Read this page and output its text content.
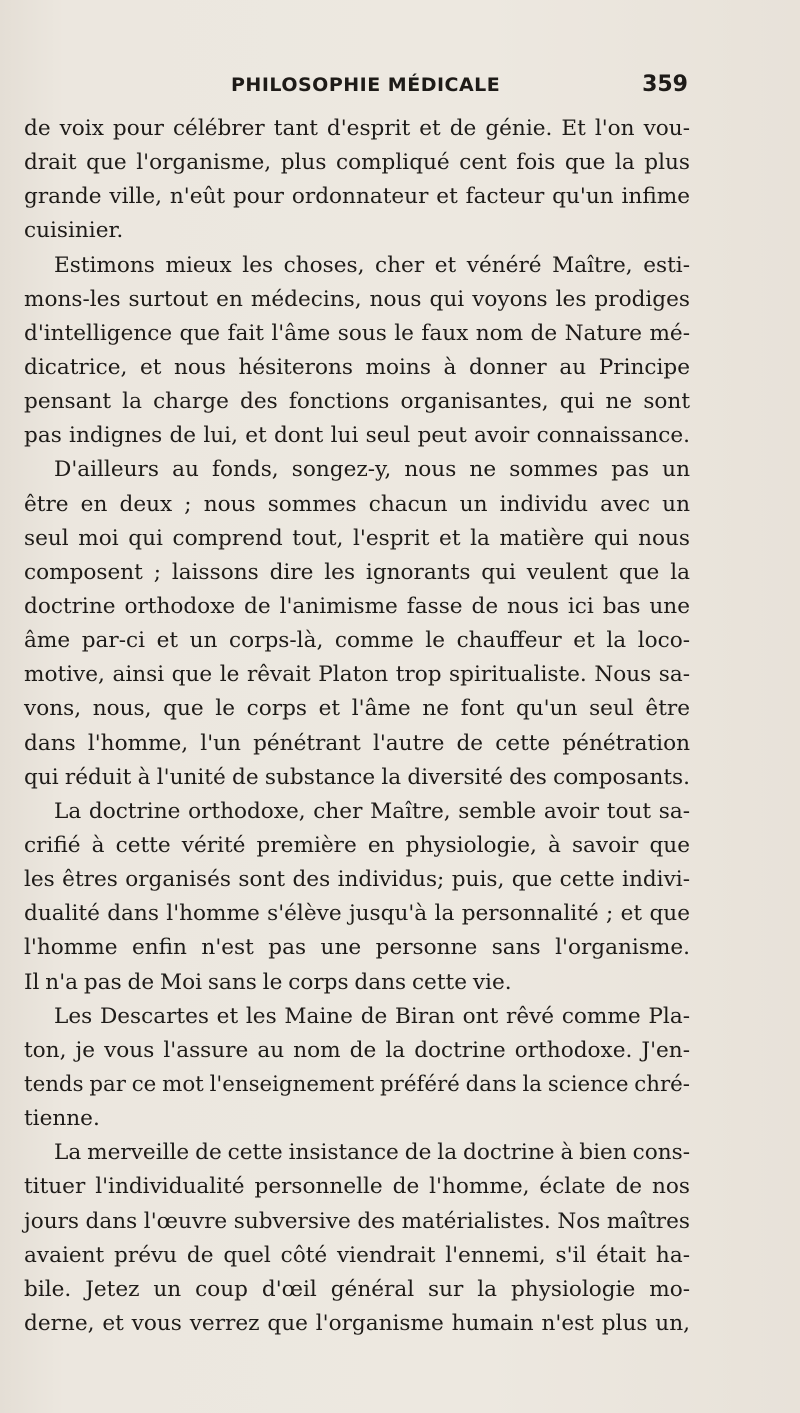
PHILOSOPHIE MÉDICALE	359
de voix pour célébrer tant d'esprit et de génie. Et l'on vou-
drait que l'organisme, plus compliqué cent fois que la plus
grande ville, n'eût pour ordonnateur et facteur qu'un infime
cuisinier.
Estimons mieux les choses, cher et vénéré Maître, esti-
mons-les surtout en médecins, nous qui voyons les prodiges
d'intelligence que fait l'âme sous le faux nom de Nature mé-
dicatrice, et nous hésiterons moins à donner au Principe
pensant la charge des fonctions organisantes, qui ne sont
pas indignes de lui, et dont lui seul peut avoir connaissance.
D'ailleurs au fonds, songez-y, nous ne sommes pas un
être en deux ; nous sommes chacun un individu avec un
seul moi qui comprend tout, l'esprit et la matière qui nous
composent ; laissons dire les ignorants qui veulent que la
doctrine orthodoxe de l'animisme fasse de nous ici bas une
âme par-ci et un corps-là, comme le chauffeur et la loco-
motive, ainsi que le rêvait Platon trop spiritualiste. Nous sa-
vons, nous, que le corps et l'âme ne font qu'un seul être
dans l'homme, l'un pénétrant l'autre de cette pénétration
qui réduit à l'unité de substance la diversité des composants.
La doctrine orthodoxe, cher Maître, semble avoir tout sa-
crifié à cette vérité première en physiologie, à savoir que
les êtres organisés sont des individus; puis, que cette indivi-
dualité dans l'homme s'élève jusqu'à la personnalité ; et que
l'homme enfin n'est pas une personne sans l'organisme.
Il n'a pas de Moi sans le corps dans cette vie.
Les Descartes et les Maine de Biran ont rêvé comme Pla-
ton, je vous l'assure au nom de la doctrine orthodoxe. J'en-
tends par ce mot l'enseignement préféré dans la science chré-
tienne.
La merveille de cette insistance de la doctrine à bien cons-
tituer l'individualité personnelle de l'homme, éclate de nos
jours dans l'œuvre subversive des matérialistes. Nos maîtres
avaient prévu de quel côté viendrait l'ennemi, s'il était ha-
bile. Jetez un coup d'œil général sur la physiologie mo-
derne, et vous verrez que l'organisme humain n'est plus un,
